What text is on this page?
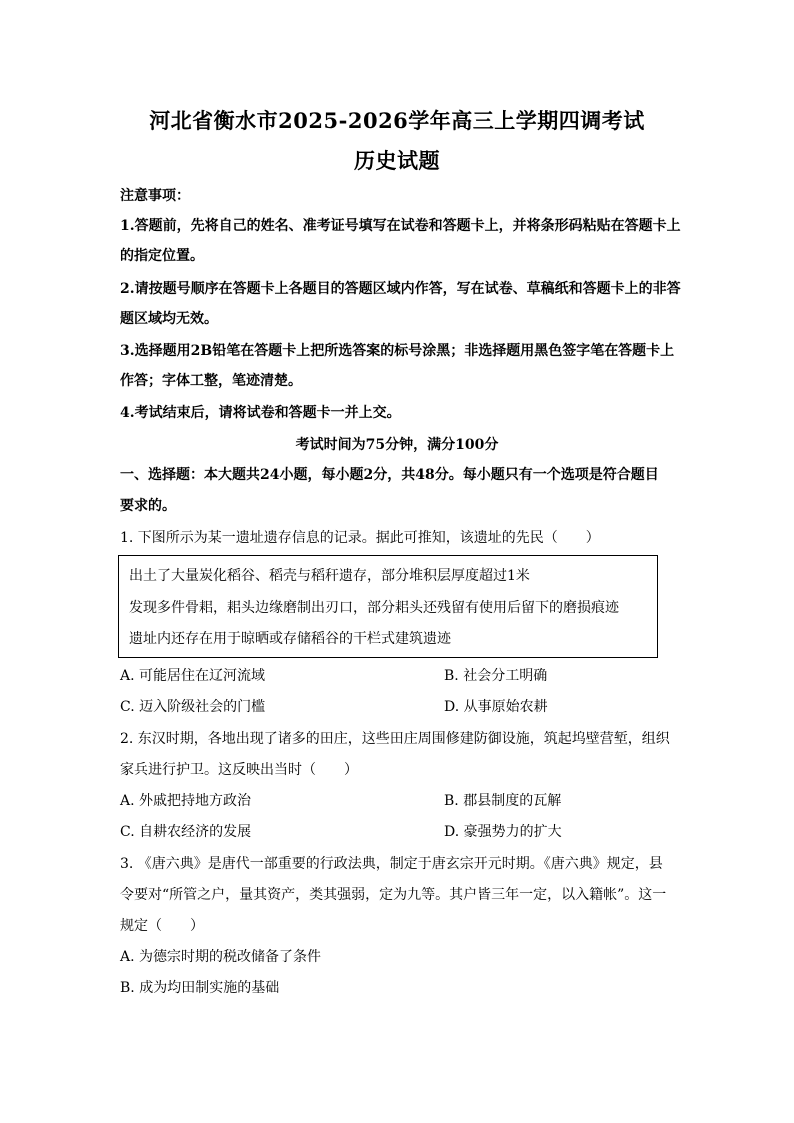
河北省衡水市2025-2026学年高三上学期四调考试
历史试题
注意事项：
1.答题前，先将自己的姓名、准考证号填写在试卷和答题卡上，并将条形码粘贴在答题卡上
的指定位置。
2.请按题号顺序在答题卡上各题目的答题区域内作答，写在试卷、草稿纸和答题卡上的非答
题区域均无效。
3.选择题用2B铅笔在答题卡上把所选答案的标号涂黑；非选择题用黑色签字笔在答题卡上
作答；字体工整，笔迹清楚。
4.考试结束后，请将试卷和答题卡一并上交。
考试时间为75分钟，满分100分
一、选择题：本大题共24小题，每小题2分，共48分。每小题只有一个选项是符合题目
要求的。
1. 下图所示为某一遗址遗存信息的记录。据此可推知，该遗址的先民（　　）
出土了大量炭化稻谷、稻壳与稻秆遗存，部分堆积层厚度超过1米
发现多件骨耜，耜头边缘磨制出刃口，部分耜头还残留有使用后留下的磨损痕迹
遗址内还存在用于晾晒或存储稻谷的干栏式建筑遗迹
A. 可能居住在辽河流域	B. 社会分工明确
C. 迈入阶级社会的门槛	D. 从事原始农耕
2. 东汉时期，各地出现了诸多的田庄，这些田庄周围修建防御设施，筑起坞壁营堑，组织
家兵进行护卫。这反映出当时（　　）
A. 外戚把持地方政治	B. 郡县制度的瓦解
C. 自耕农经济的发展	D. 豪强势力的扩大
3. 《唐六典》是唐代一部重要的行政法典，制定于唐玄宗开元时期。《唐六典》规定，县
令要对“所管之户，量其资产，类其强弱，定为九等。其户皆三年一定，以入籍帐”。这一
规定（　　）
A. 为德宗时期的税改储备了条件
B. 成为均田制实施的基础
